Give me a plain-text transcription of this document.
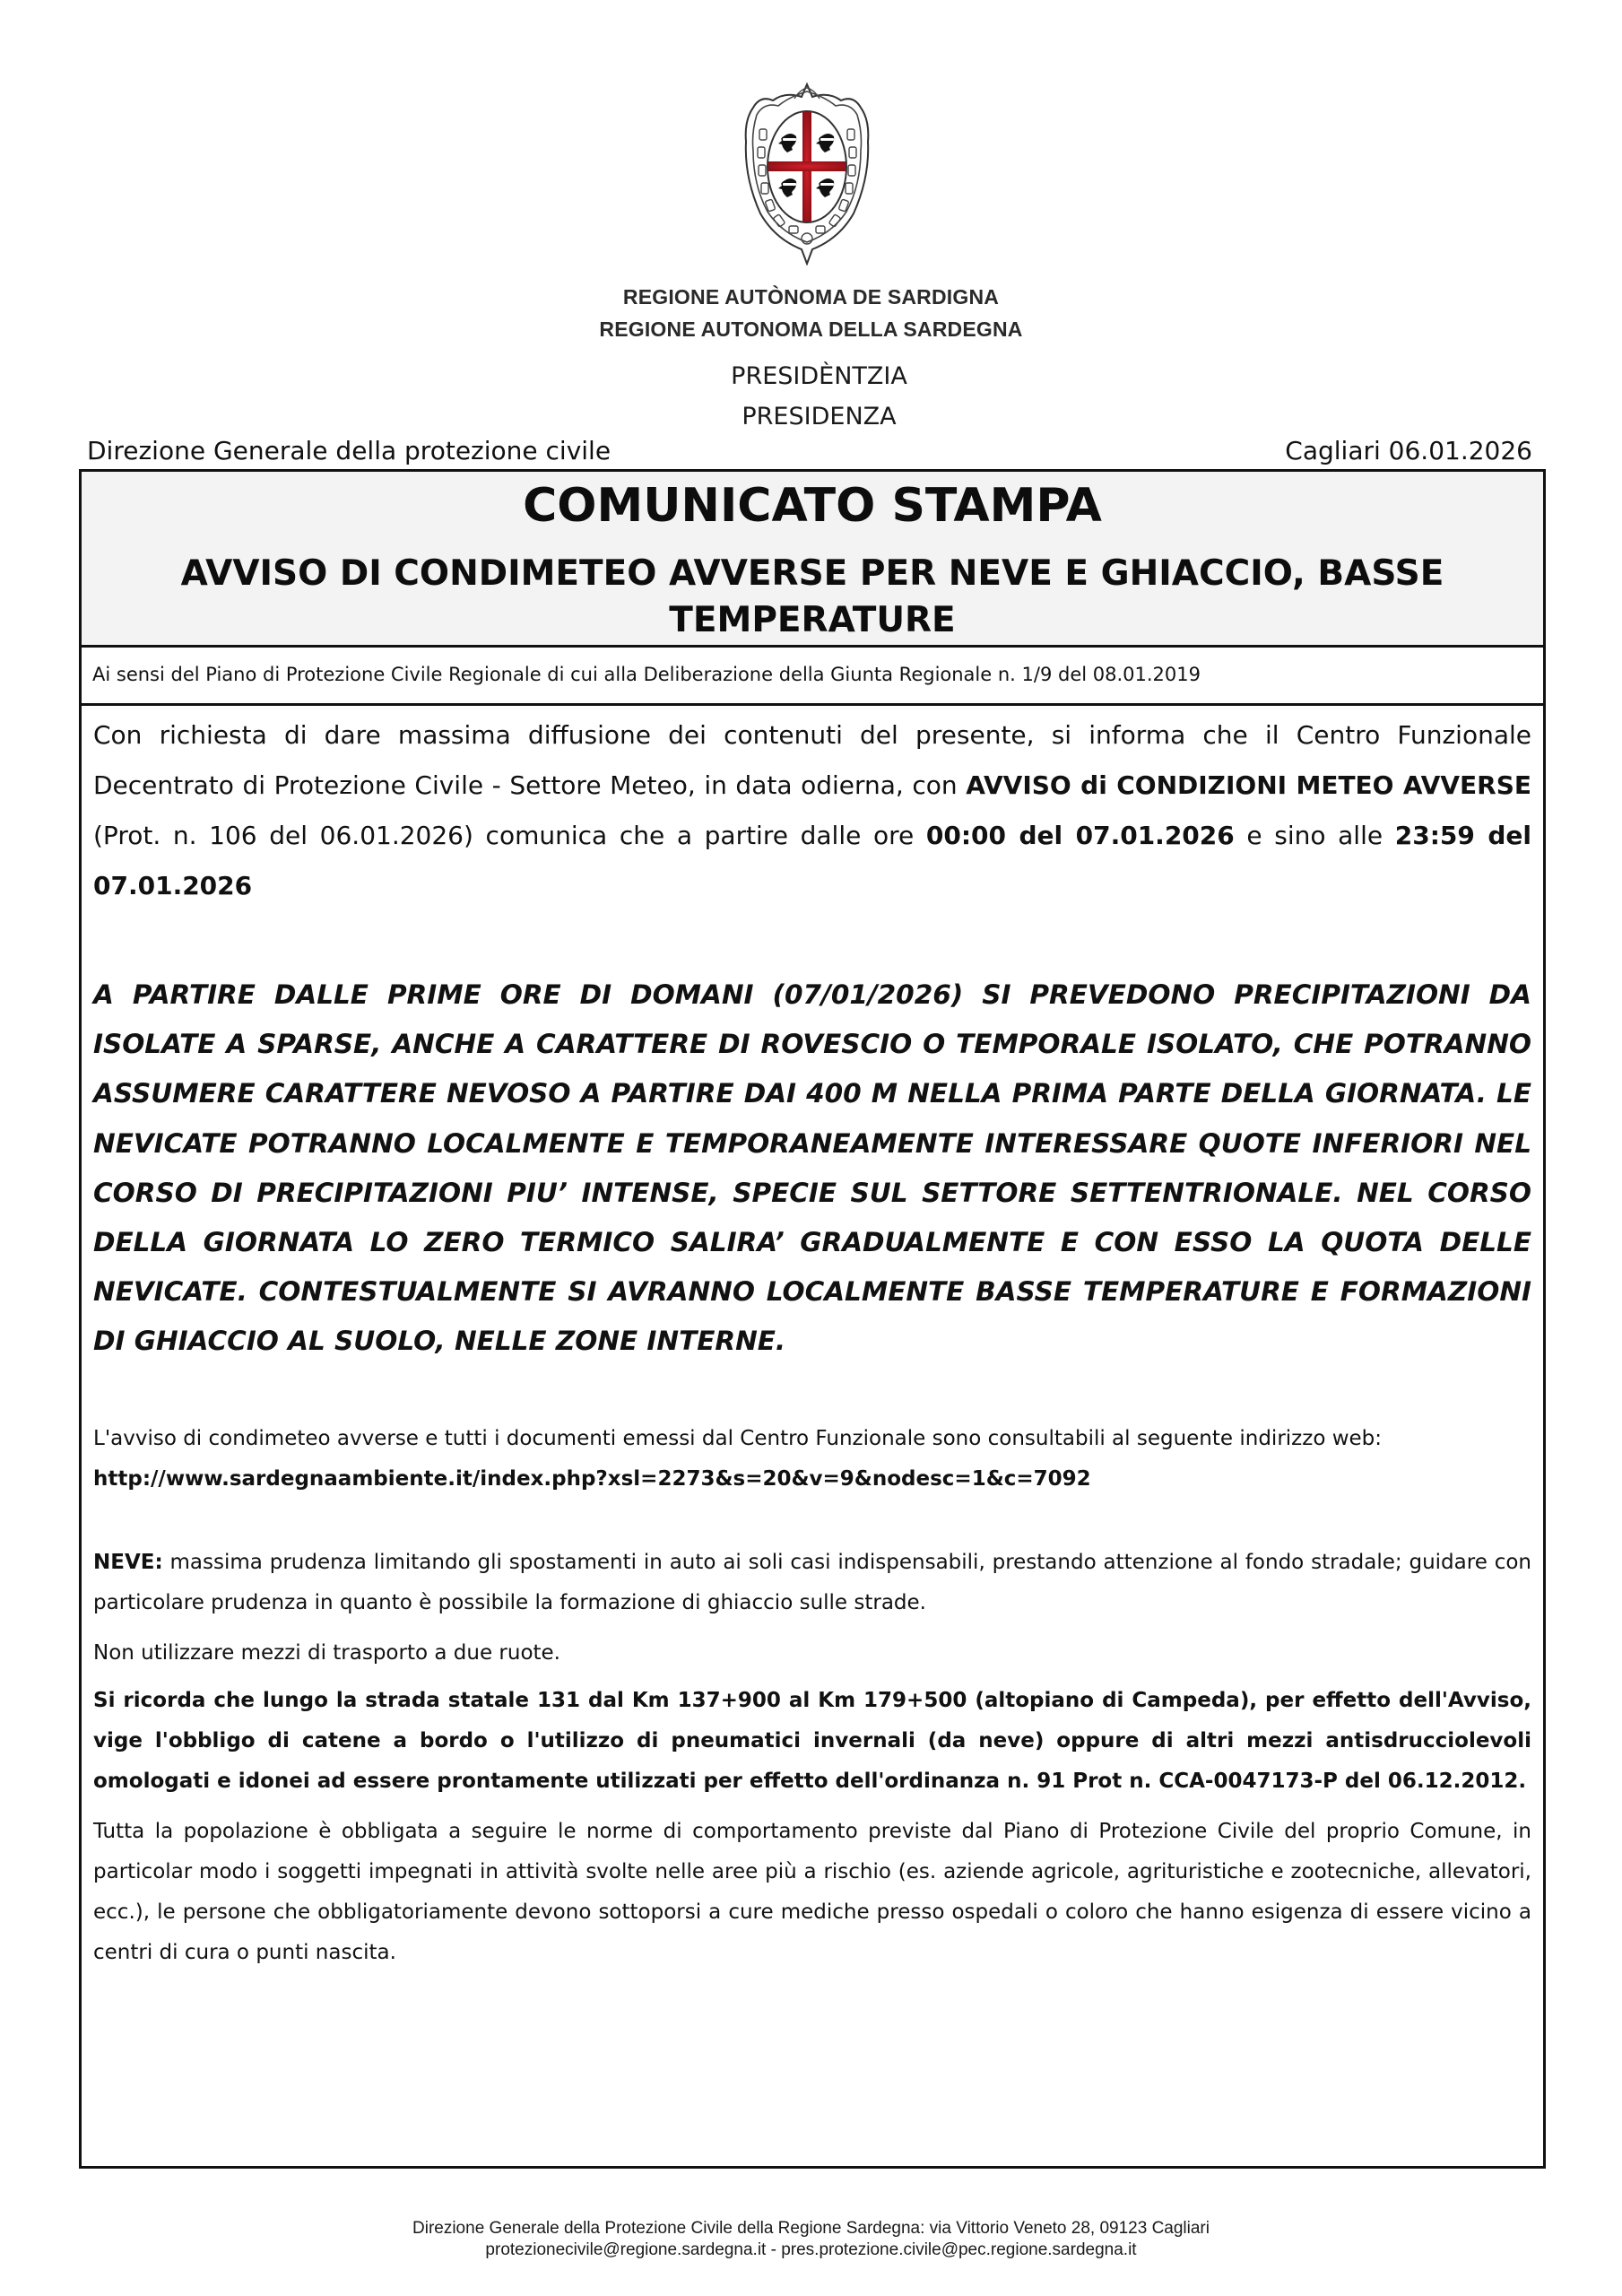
REGIONE AUTÒNOMA DE SARDIGNA
REGIONE AUTONOMA DELLA SARDEGNA
PRESIDÈNTZIA
PRESIDENZA
Direzione Generale della protezione civile	Cagliari 06.01.2026
COMUNICATO STAMPA
AVVISO DI CONDIMETEO AVVERSE PER NEVE E GHIACCIO, BASSE TEMPERATURE
Ai sensi del Piano di Protezione Civile Regionale di cui alla Deliberazione della Giunta Regionale n. 1/9 del 08.01.2019

Con richiesta di dare massima diffusione dei contenuti del presente, si informa che il Centro Funzionale Decentrato di Protezione Civile - Settore Meteo, in data odierna, con AVVISO di CONDIZIONI METEO AVVERSE (Prot. n. 106 del 06.01.2026) comunica che a partire dalle ore 00:00 del 07.01.2026 e sino alle 23:59 del 07.01.2026

A PARTIRE DALLE PRIME ORE DI DOMANI (07/01/2026) SI PREVEDONO PRECIPITAZIONI DA ISOLATE A SPARSE, ANCHE A CARATTERE DI ROVESCIO O TEMPORALE ISOLATO, CHE POTRANNO ASSUMERE CARATTERE NEVOSO A PARTIRE DAI 400 M NELLA PRIMA PARTE DELLA GIORNATA. LE NEVICATE POTRANNO LOCALMENTE E TEMPORANEAMENTE INTERESSARE QUOTE INFERIORI NEL CORSO DI PRECIPITAZIONI PIU’ INTENSE, SPECIE SUL SETTORE SETTENTRIONALE. NEL CORSO DELLA GIORNATA LO ZERO TERMICO SALIRA’ GRADUALMENTE E CON ESSO LA QUOTA DELLE NEVICATE. CONTESTUALMENTE SI AVRANNO LOCALMENTE BASSE TEMPERATURE E FORMAZIONI DI GHIACCIO AL SUOLO, NELLE ZONE INTERNE.

L'avviso di condimeteo avverse e tutti i documenti emessi dal Centro Funzionale sono consultabili al seguente indirizzo web:
http://www.sardegnaambiente.it/index.php?xsl=2273&s=20&v=9&nodesc=1&c=7092

NEVE: massima prudenza limitando gli spostamenti in auto ai soli casi indispensabili, prestando attenzione al fondo stradale; guidare con particolare prudenza in quanto è possibile la formazione di ghiaccio sulle strade.

Non utilizzare mezzi di trasporto a due ruote.

Si ricorda che lungo la strada statale 131 dal Km 137+900 al Km 179+500 (altopiano di Campeda), per effetto dell'Avviso, vige l'obbligo di catene a bordo o l'utilizzo di pneumatici invernali (da neve) oppure di altri mezzi antisdrucciolevoli omologati e idonei ad essere prontamente utilizzati per effetto dell'ordinanza n. 91 Prot n. CCA-0047173-P del 06.12.2012.

Tutta la popolazione è obbligata a seguire le norme di comportamento previste dal Piano di Protezione Civile del proprio Comune, in particolar modo i soggetti impegnati in attività svolte nelle aree più a rischio (es. aziende agricole, agrituristiche e zootecniche, allevatori, ecc.), le persone che obbligatoriamente devono sottoporsi a cure mediche presso ospedali o coloro che hanno esigenza di essere vicino a centri di cura o punti nascita.

Direzione Generale della Protezione Civile della Regione Sardegna: via Vittorio Veneto 28, 09123 Cagliari
protezionecivile@regione.sardegna.it - pres.protezione.civile@pec.regione.sardegna.it
